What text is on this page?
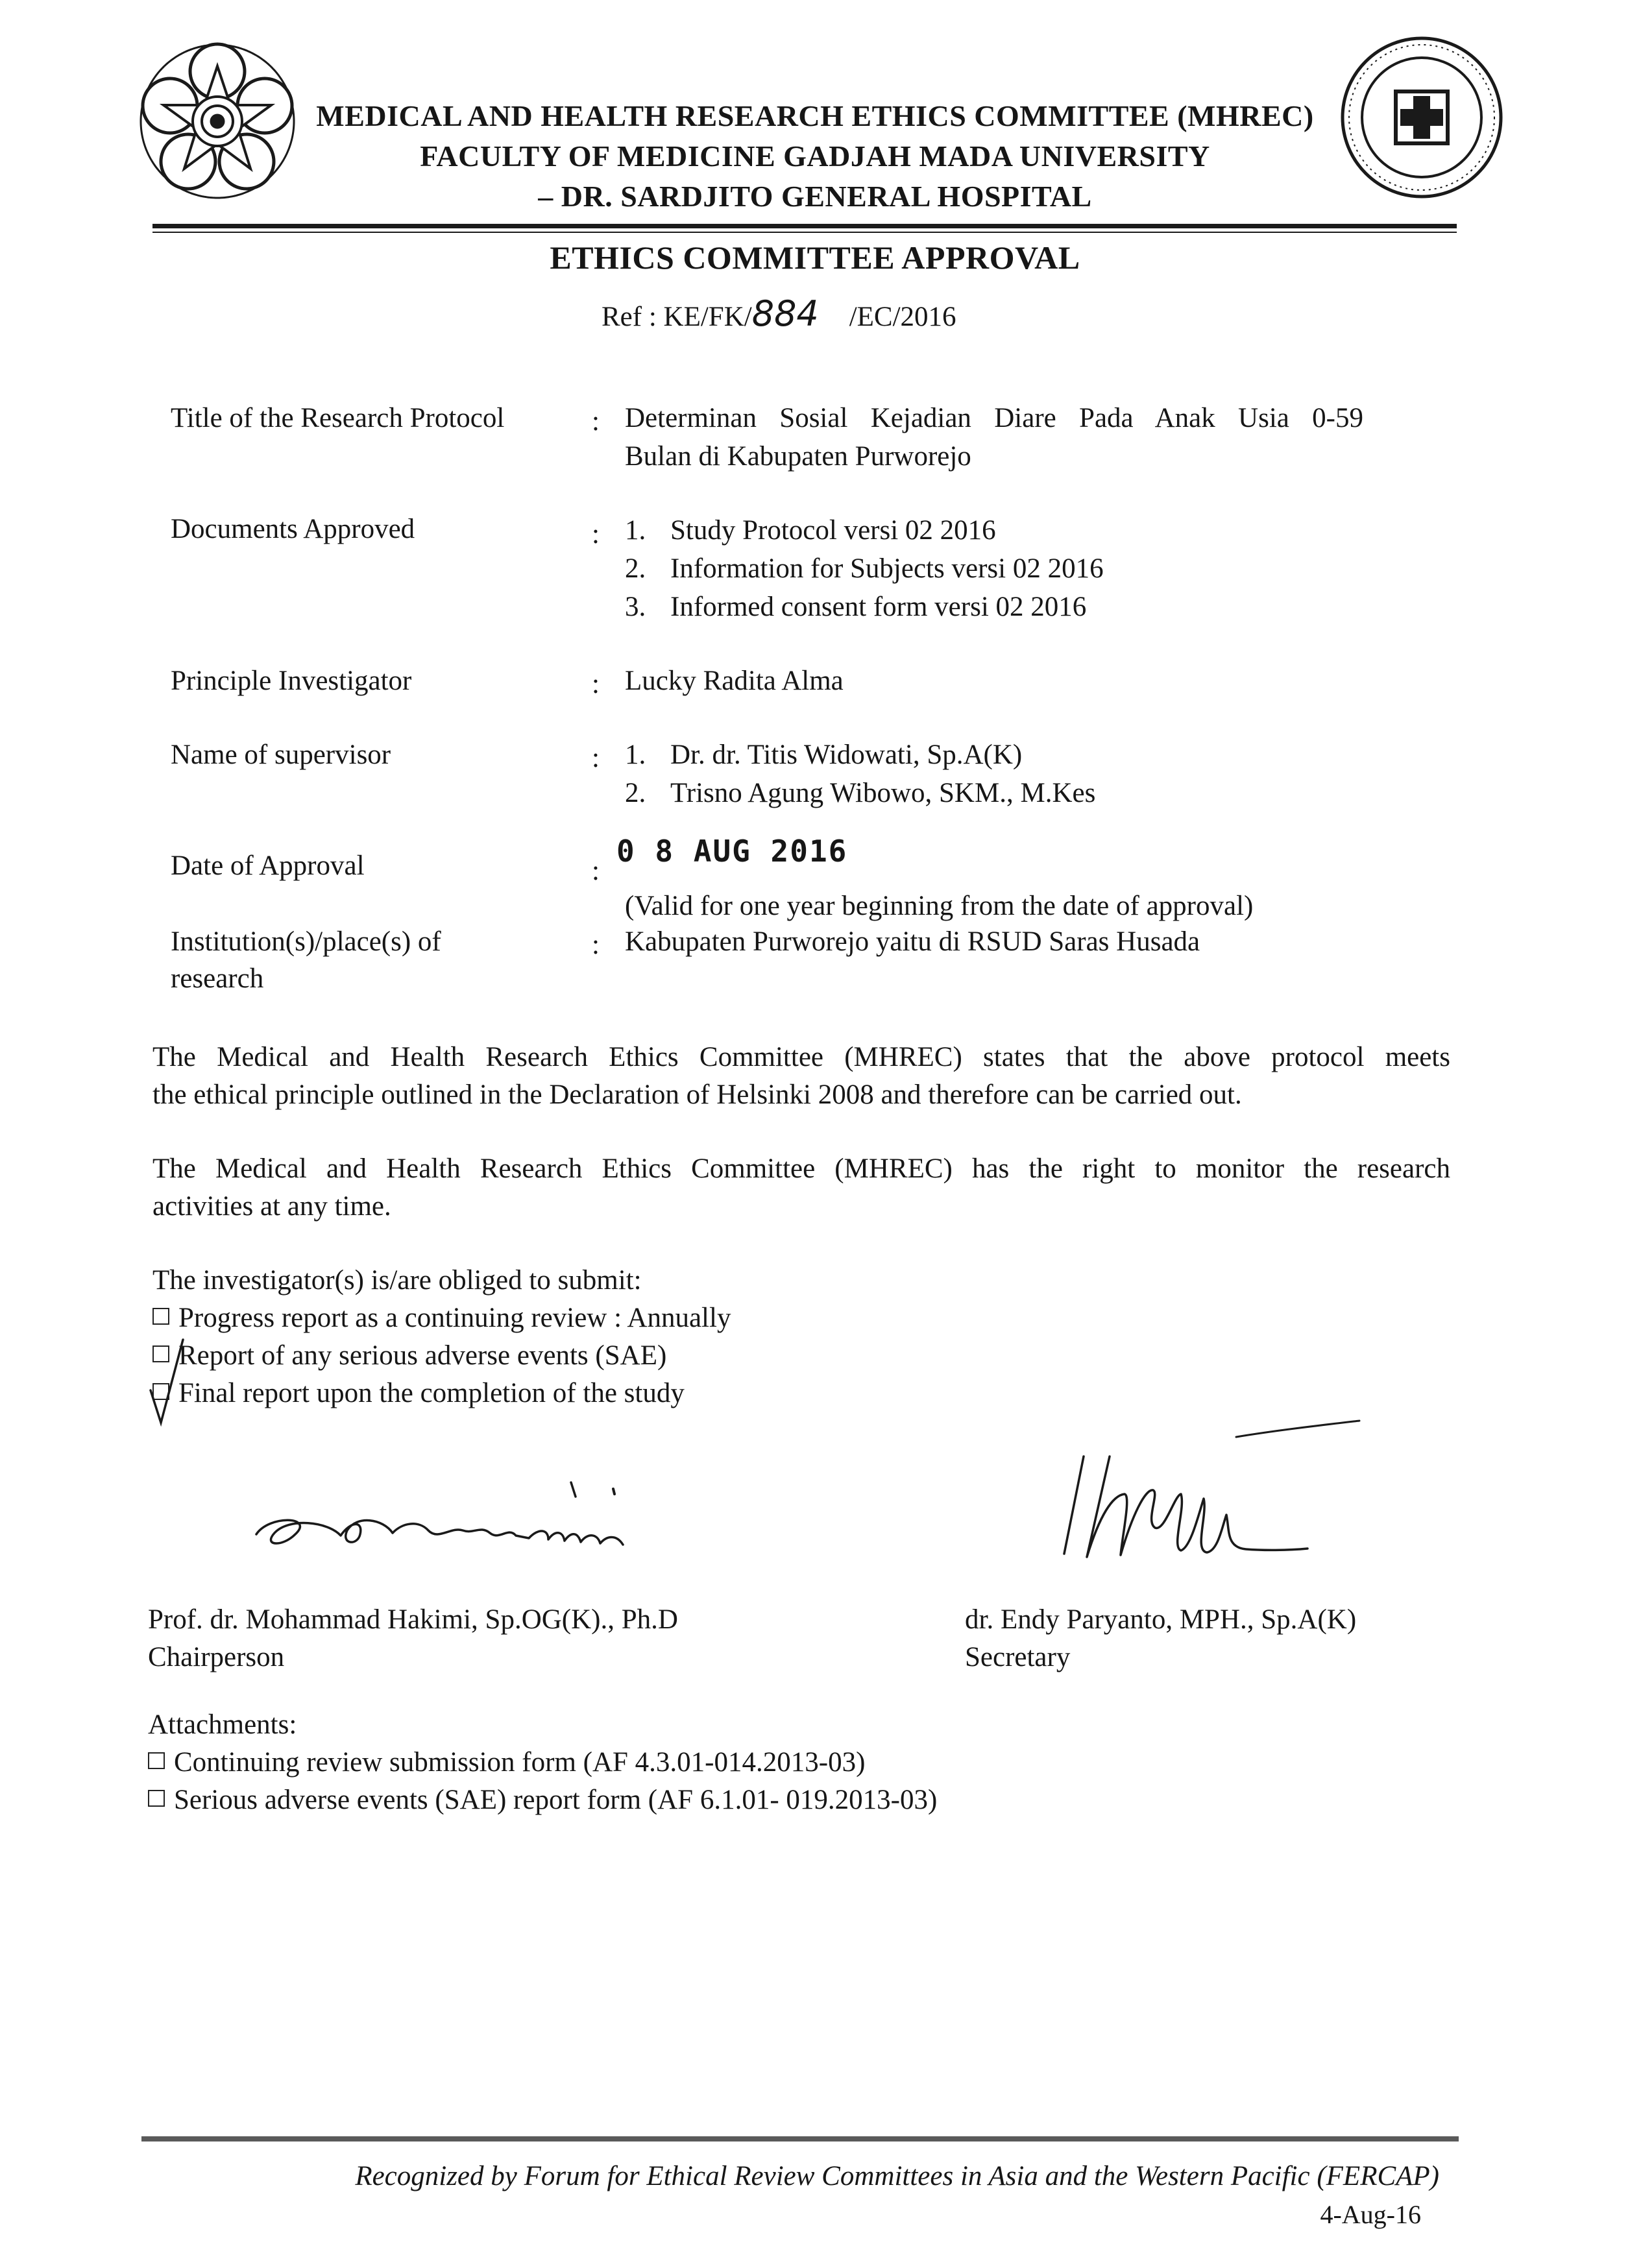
MEDICAL AND HEALTH RESEARCH ETHICS COMMITTEE (MHREC)
FACULTY OF MEDICINE GADJAH MADA UNIVERSITY
– DR. SARDJITO GENERAL HOSPITAL
ETHICS COMMITTEE APPROVAL
Ref : KE/FK/884 /EC/2016
Title of the Research Protocol	: Determinan Sosial Kejadian Diare Pada Anak Usia 0-59
Bulan di Kabupaten Purworejo
Documents Approved	: 1. Study Protocol versi 02 2016
2. Information for Subjects versi 02 2016
3. Informed consent form versi 02 2016
Principle Investigator	: Lucky Radita Alma
Name of supervisor	: 1. Dr. dr. Titis Widowati, Sp.A(K)
2. Trisno Agung Wibowo, SKM., M.Kes
Date of Approval	:
0 8 AUG 2016
(Valid for one year beginning from the date of approval)
Institution(s)/place(s) of
research
: Kabupaten Purworejo yaitu di RSUD Saras Husada
The Medical and Health Research Ethics Committee (MHREC) states that the above protocol meets
the ethical principle outlined in the Declaration of Helsinki 2008 and therefore can be carried out.
The Medical and Health Research Ethics Committee (MHREC) has the right to monitor the research
activities at any time.
The investigator(s) is/are obliged to submit:
Progress report as a continuing review : Annually
Report of any serious adverse events (SAE)
Final report upon the completion of the study
Prof. dr. Mohammad Hakimi, Sp.OG(K)., Ph.D
Chairperson
dr. Endy Paryanto, MPH., Sp.A(K)
Secretary
Attachments:
Continuing review submission form (AF 4.3.01-014.2013-03)
Serious adverse events (SAE) report form (AF 6.1.01- 019.2013-03)
Recognized by Forum for Ethical Review Committees in Asia and the Western Pacific (FERCAP)
4-Aug-16
